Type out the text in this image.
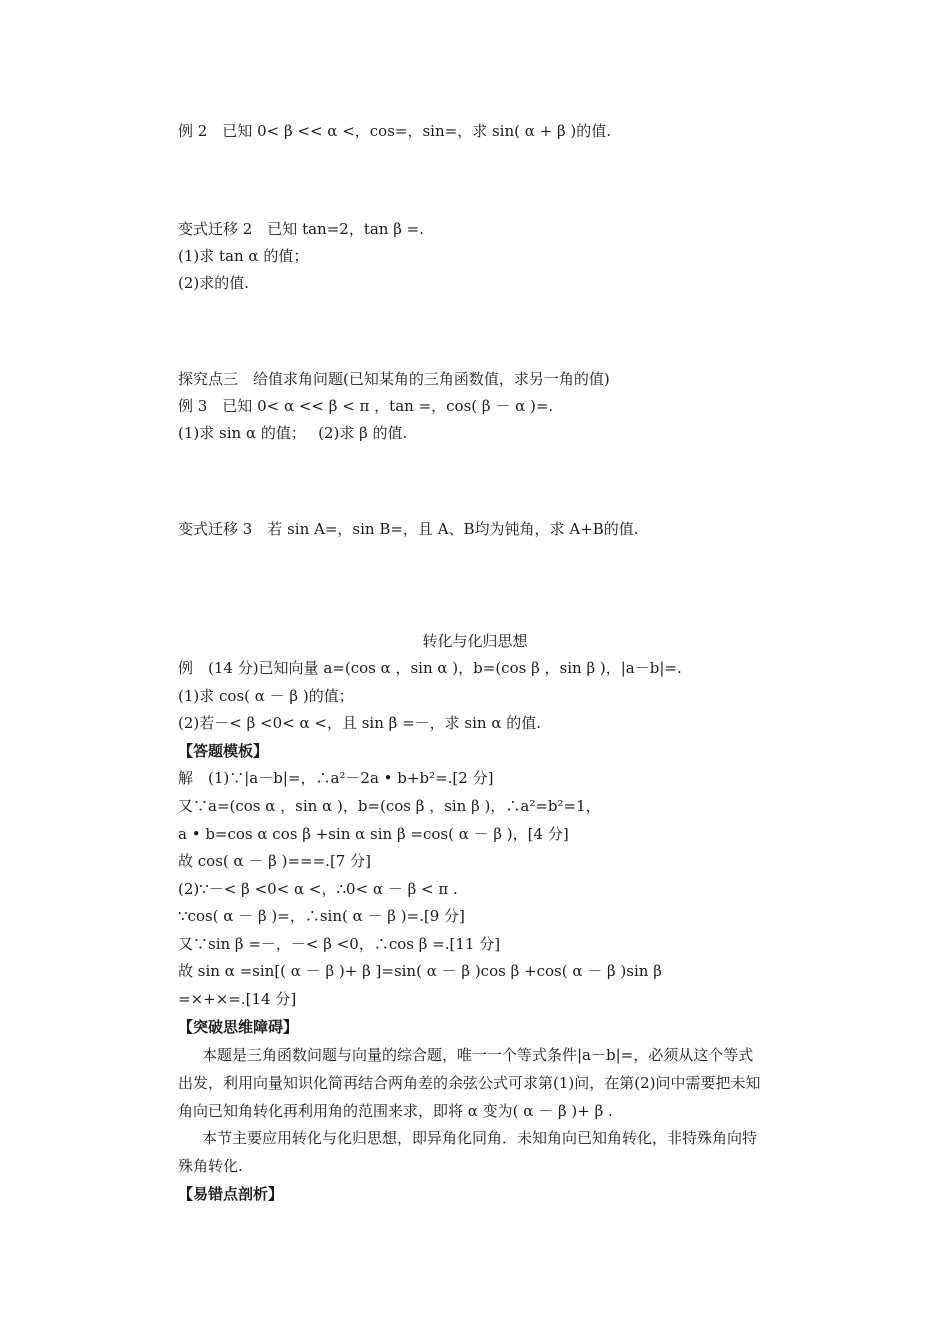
例 2　已知 0< β << α <，cos=，sin=，求 sin( α + β )的值.
变式迁移 2　已知 tan=2，tan β =.
(1)求 tan α 的值；
(2)求的值.
探究点三　给值求角问题(已知某角的三角函数值，求另一角的值)
例 3　已知 0< α << β < π ，tan =，cos( β － α )=.
(1)求 sin α 的值；　 (2)求 β 的值.
变式迁移 3　若 sin A=，sin B=，且 A、B均为钝角，求 A+B的值.
转化与化归思想
例　(14 分)已知向量 a=(cos α ，sin α )，b=(cos β ，sin β )，|a－b|=.
(1)求 cos( α － β )的值；
(2)若－< β <0< α <，且 sin β =－，求 sin α 的值.
【答题模板】
解　(1)∵|a－b|=，∴a²－2a • b+b²=.[2 分]
又∵a=(cos α ，sin α )，b=(cos β ，sin β )，∴a²=b²=1，
a • b=cos α cos β +sin α sin β =cos( α － β )，[4 分]
故 cos( α － β )===.[7 分]
(2)∵－< β <0< α <，∴0< α － β < π .
∵cos( α － β )=，∴sin( α － β )=.[9 分]
又∵sin β =－，－< β <0，∴cos β =.[11 分]
故 sin α =sin[( α － β )+ β ]=sin( α － β )cos β +cos( α － β )sin β
=×+×=.[14 分]
【突破思维障碍】
本题是三角函数问题与向量的综合题，唯一一个等式条件|a－b|=，必须从这个等式
出发，利用向量知识化简再结合两角差的余弦公式可求第(1)问，在第(2)问中需要把未知
角向已知角转化再利用角的范围来求，即将 α 变为( α － β )+ β .
本节主要应用转化与化归思想，即异角化同角．未知角向已知角转化，非特殊角向特
殊角转化.
【易错点剖析】
